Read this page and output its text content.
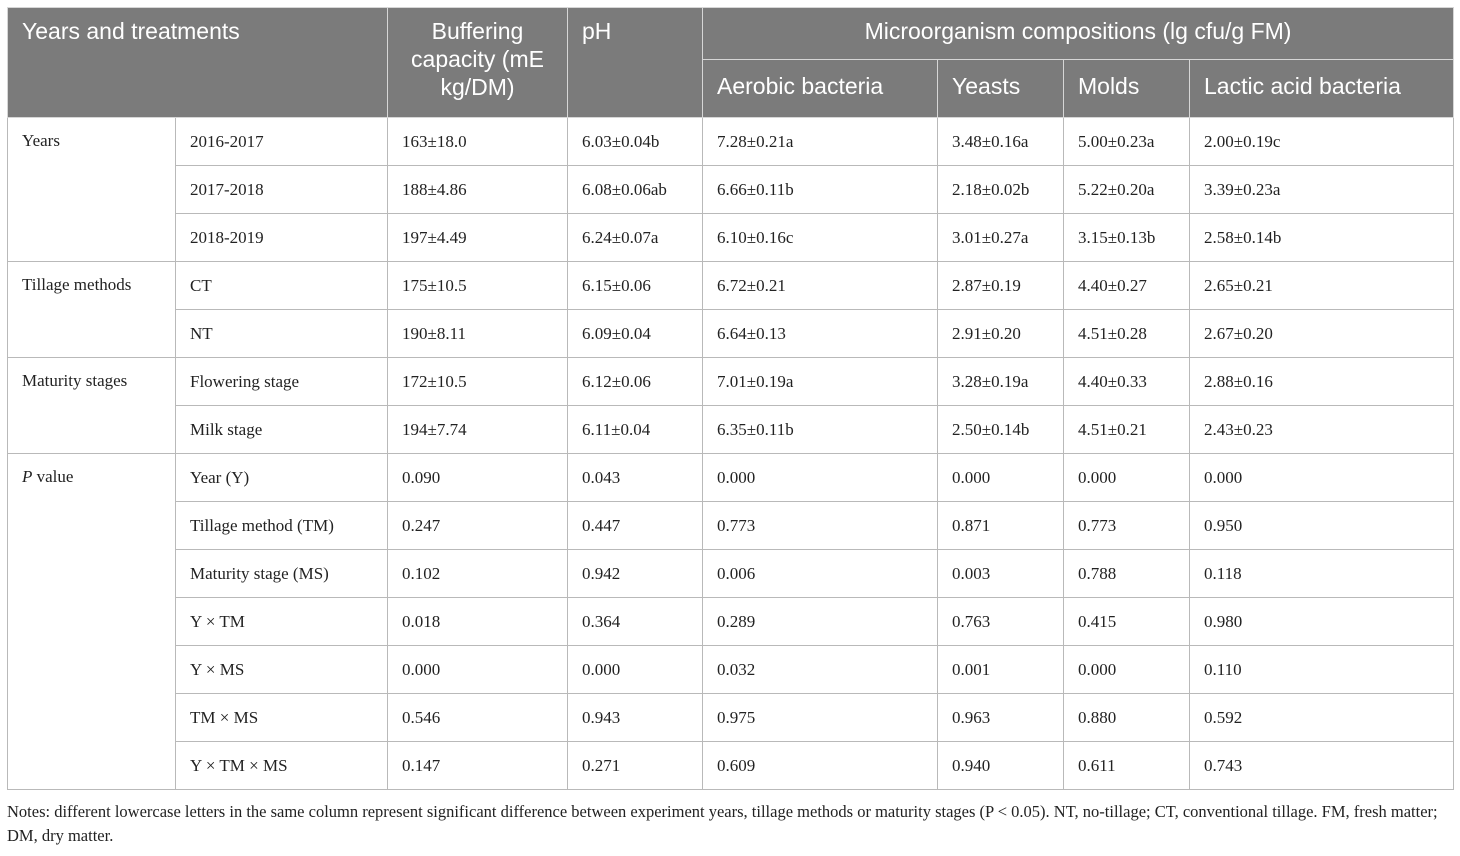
Years and treatments		Buffering capacity (mE kg/DM)	pH	Microorganism compositions (lg cfu/g FM)			
				Aerobic bacteria	Yeasts	Molds	Lactic acid bacteria
Years	2016-2017	163±18.0	6.03±0.04b	7.28±0.21a	3.48±0.16a	5.00±0.23a	2.00±0.19c
	2017-2018	188±4.86	6.08±0.06ab	6.66±0.11b	2.18±0.02b	5.22±0.20a	3.39±0.23a
	2018-2019	197±4.49	6.24±0.07a	6.10±0.16c	3.01±0.27a	3.15±0.13b	2.58±0.14b
Tillage methods	CT	175±10.5	6.15±0.06	6.72±0.21	2.87±0.19	4.40±0.27	2.65±0.21
	NT	190±8.11	6.09±0.04	6.64±0.13	2.91±0.20	4.51±0.28	2.67±0.20
Maturity stages	Flowering stage	172±10.5	6.12±0.06	7.01±0.19a	3.28±0.19a	4.40±0.33	2.88±0.16
	Milk stage	194±7.74	6.11±0.04	6.35±0.11b	2.50±0.14b	4.51±0.21	2.43±0.23
P value	Year (Y)	0.090	0.043	0.000	0.000	0.000	0.000
	Tillage method (TM)	0.247	0.447	0.773	0.871	0.773	0.950
	Maturity stage (MS)	0.102	0.942	0.006	0.003	0.788	0.118
	Y × TM	0.018	0.364	0.289	0.763	0.415	0.980
	Y × MS	0.000	0.000	0.032	0.001	0.000	0.110
	TM × MS	0.546	0.943	0.975	0.963	0.880	0.592
	Y × TM × MS	0.147	0.271	0.609	0.940	0.611	0.743
Notes: different lowercase letters in the same column represent significant difference between experiment years, tillage methods or maturity stages (P < 0.05). NT, no-tillage; CT, conventional tillage. FM, fresh matter; DM, dry matter.
